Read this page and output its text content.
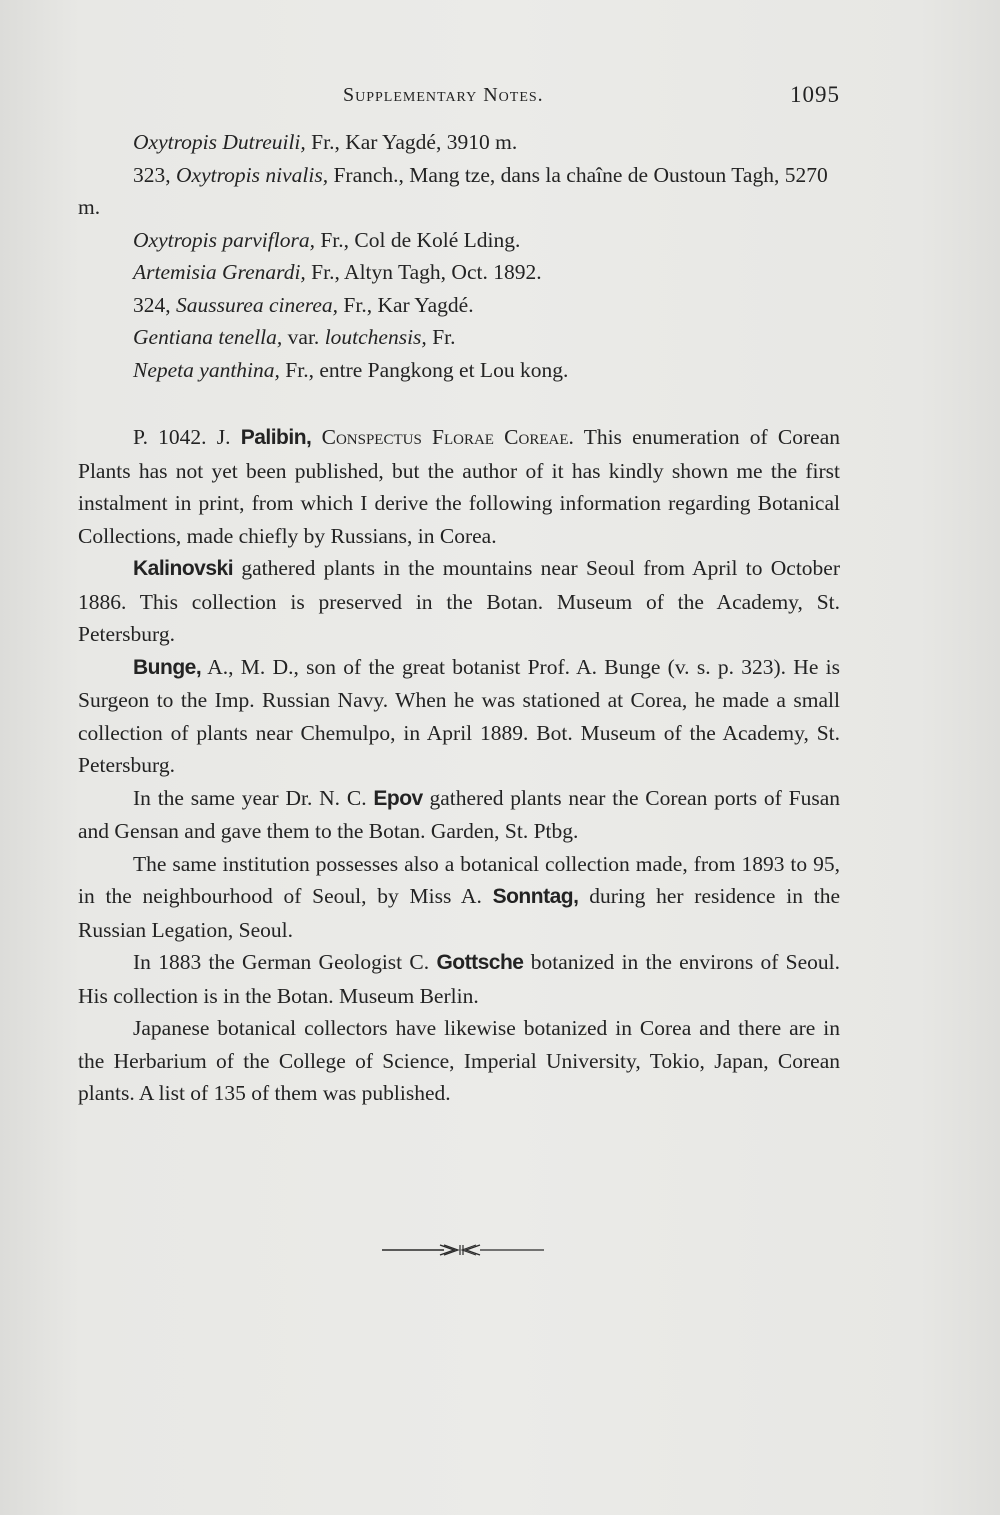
Supplementary Notes.	1095

Oxytropis Dutreuili, Fr., Kar Yagdé, 3910 m.

323, Oxytropis nivalis, Franch., Mang tze, dans la chaîne de Oustoun Tagh, 5270 m.

Oxytropis parviflora, Fr., Col de Kolé Lding.

Artemisia Grenardi, Fr., Altyn Tagh, Oct. 1892.

324, Saussurea cinerea, Fr., Kar Yagdé.

Gentiana tenella, var. loutchensis, Fr.

Nepeta yanthina, Fr., entre Pangkong et Lou kong.

P. 1042. J. Palibin, Conspectus Florae Coreae. This enumeration of Corean Plants has not yet been published, but the author of it has kindly shown me the first instalment in print, from which I derive the following information regarding Botanical Collections, made chiefly by Russians, in Corea.

Kalinovski gathered plants in the mountains near Seoul from April to October 1886. This collection is preserved in the Botan. Museum of the Academy, St. Petersburg.

Bunge, A., M. D., son of the great botanist Prof. A. Bunge (v. s. p. 323). He is Surgeon to the Imp. Russian Navy. When he was stationed at Corea, he made a small collection of plants near Chemulpo, in April 1889. Bot. Museum of the Academy, St. Petersburg.

In the same year Dr. N. C. Epov gathered plants near the Corean ports of Fusan and Gensan and gave them to the Botan. Garden, St. Ptbg.

The same institution possesses also a botanical collection made, from 1893 to 95, in the neighbourhood of Seoul, by Miss A. Sonntag, during her residence in the Russian Legation, Seoul.

In 1883 the German Geologist C. Gottsche botanized in the environs of Seoul. His collection is in the Botan. Museum Berlin.

Japanese botanical collectors have likewise botanized in Corea and there are in the Herbarium of the College of Science, Imperial University, Tokio, Japan, Corean plants. A list of 135 of them was published.
